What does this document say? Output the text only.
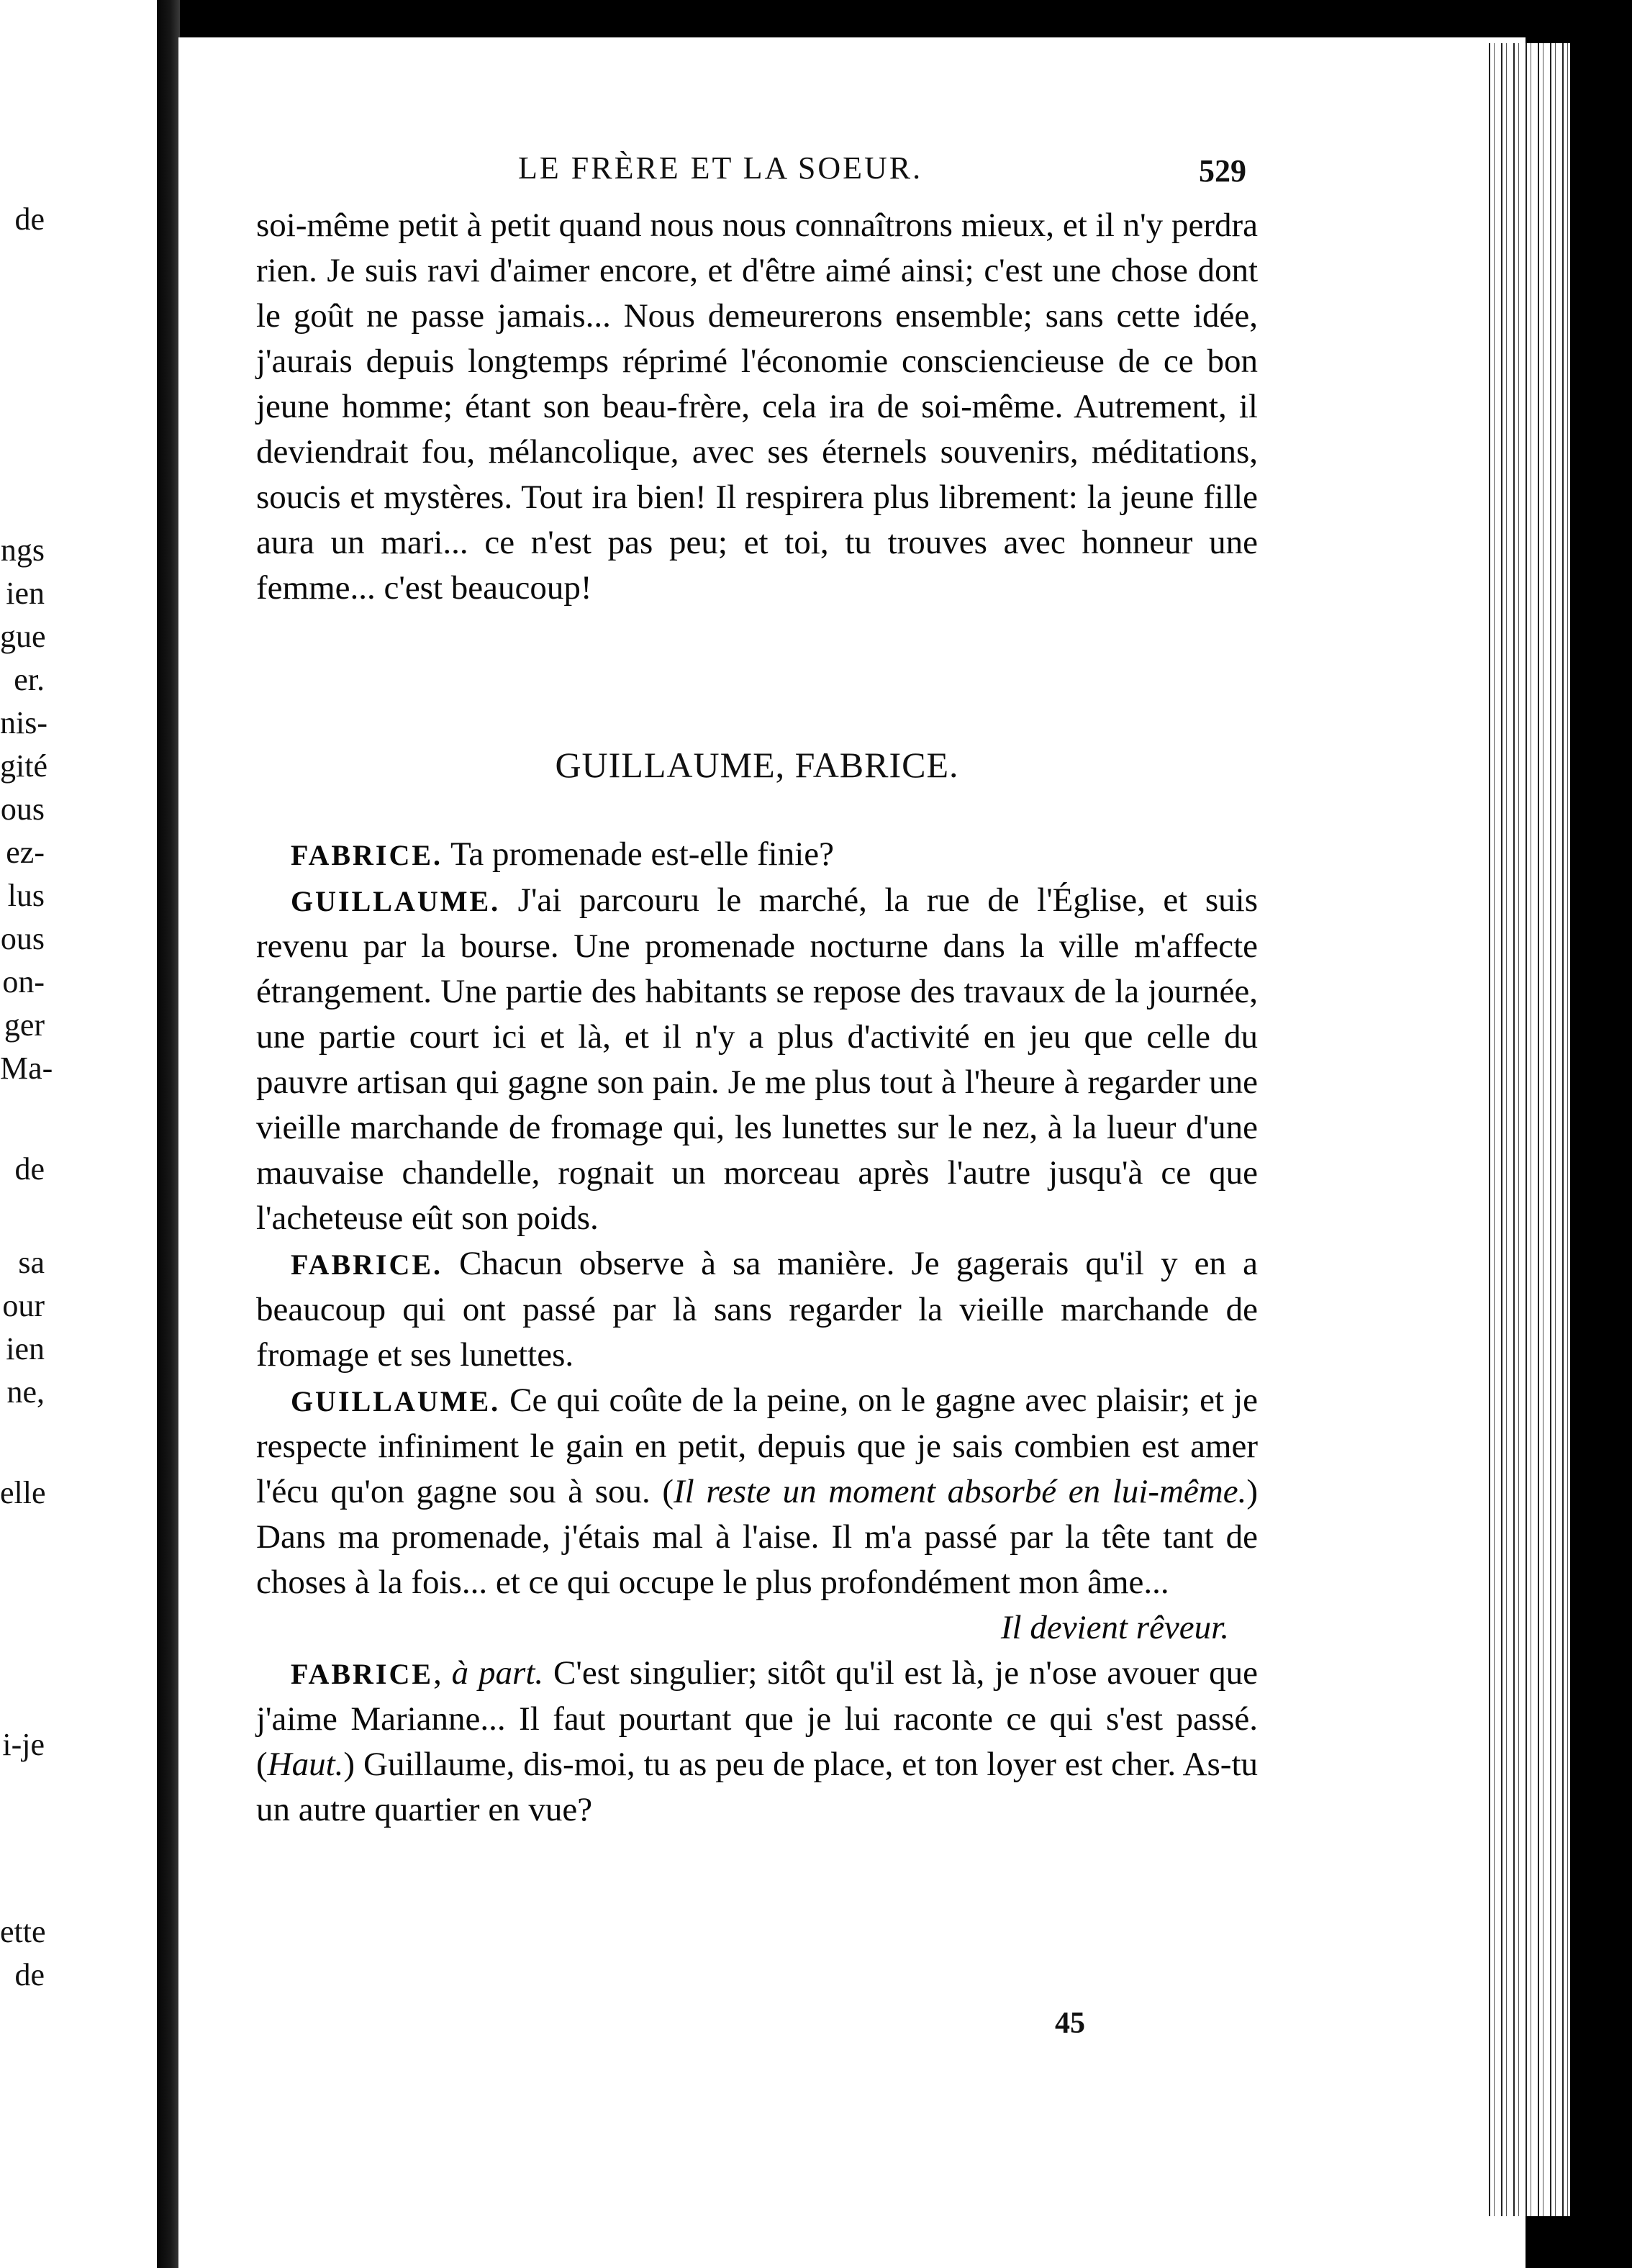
de
ngs
ien
gue
er.
nis-
gité
ous
ez-
lus
ous
on-
ger
Ma-
de
sa
our
ien
ne,
elle
i-je
ette
de
LE FRÈRE ET LA SOEUR.	529

soi-même petit à petit quand nous nous connaîtrons mieux, et il n'y perdra rien. Je suis ravi d'aimer encore, et d'être aimé ainsi; c'est une chose dont le goût ne passe jamais... Nous demeurerons ensemble; sans cette idée, j'aurais depuis longtemps réprimé l'économie consciencieuse de ce bon jeune homme; étant son beau-frère, cela ira de soi-même. Autrement, il deviendrait fou, mélancolique, avec ses éternels souvenirs, méditations, soucis et mystères. Tout ira bien! Il respirera plus librement: la jeune fille aura un mari... ce n'est pas peu; et toi, tu trouves avec honneur une femme... c'est beaucoup!

GUILLAUME, FABRICE.

FABRICE. Ta promenade est-elle finie?

GUILLAUME. J'ai parcouru le marché, la rue de l'Église, et suis revenu par la bourse. Une promenade nocturne dans la ville m'affecte étrangement. Une partie des habitants se repose des travaux de la journée, une partie court ici et là, et il n'y a plus d'activité en jeu que celle du pauvre artisan qui gagne son pain. Je me plus tout à l'heure à regarder une vieille marchande de fromage qui, les lunettes sur le nez, à la lueur d'une mauvaise chandelle, rognait un morceau après l'autre jusqu'à ce que l'acheteuse eût son poids.

FABRICE. Chacun observe à sa manière. Je gagerais qu'il y en a beaucoup qui ont passé par là sans regarder la vieille marchande de fromage et ses lunettes.

GUILLAUME. Ce qui coûte de la peine, on le gagne avec plaisir; et je respecte infiniment le gain en petit, depuis que je sais combien est amer l'écu qu'on gagne sou à sou. (Il reste un moment absorbé en lui-même.) Dans ma promenade, j'étais mal à l'aise. Il m'a passé par la tête tant de choses à la fois... et ce qui occupe le plus profondément mon âme...

Il devient rêveur.

FABRICE, à part. C'est singulier; sitôt qu'il est là, je n'ose avouer que j'aime Marianne... Il faut pourtant que je lui raconte ce qui s'est passé. (Haut.) Guillaume, dis-moi, tu as peu de place, et ton loyer est cher. As-tu un autre quartier en vue?

45
